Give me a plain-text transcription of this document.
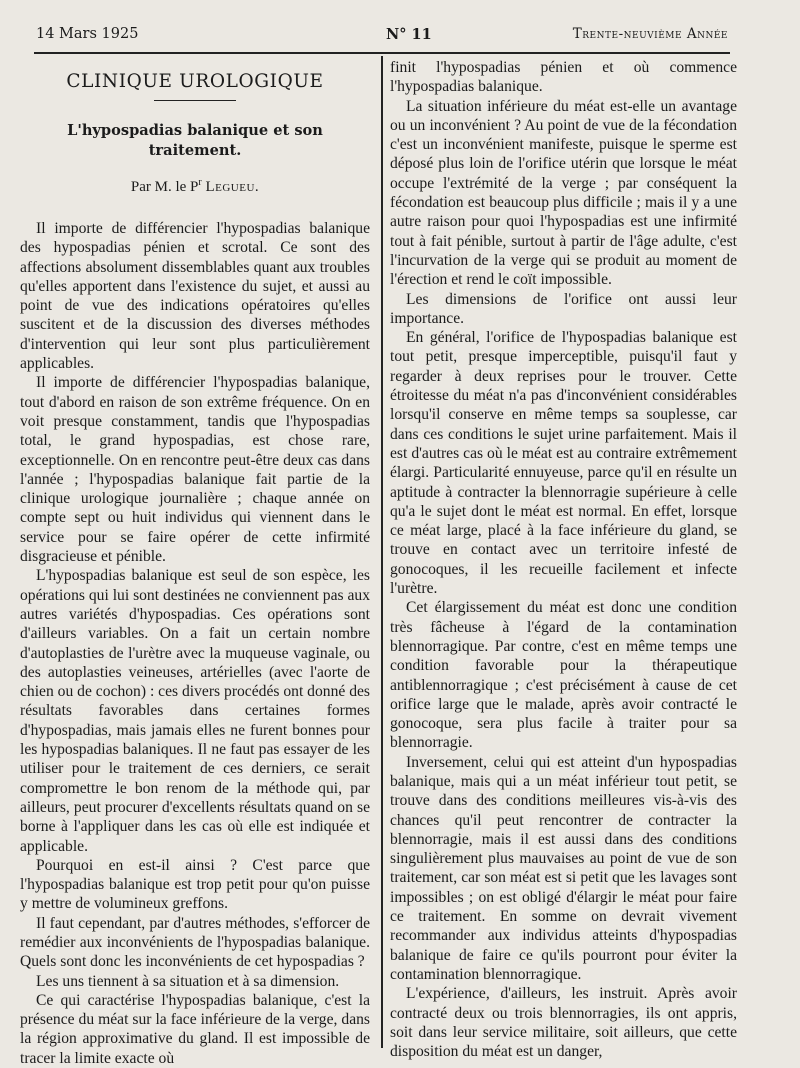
14 Mars 1925	N° 11	Trente-neuvième Année
CLINIQUE UROLOGIQUE
L'hypospadias balanique et son traitement.
Par M. le $P^r$ Legueu.

Il importe de différencier l'hypospadias balanique des hypospadias pénien et scrotal. Ce sont des affections absolument dissemblables quant aux troubles qu'elles apportent dans l'existence du sujet, et aussi au point de vue des indications opératoires qu'elles suscitent et de la discussion des diverses méthodes d'intervention qui leur sont plus particulièrement applicables.

Il importe de différencier l'hypospadias balanique, tout d'abord en raison de son extrême fréquence. On en voit presque constamment, tandis que l'hypospadias total, le grand hypospadias, est chose rare, exceptionnelle. On en rencontre peut-être deux cas dans l'année ; l'hypospadias balanique fait partie de la clinique urologique journalière ; chaque année on compte sept ou huit individus qui viennent dans le service pour se faire opérer de cette infirmité disgracieuse et pénible.

L'hypospadias balanique est seul de son espèce, les opérations qui lui sont destinées ne conviennent pas aux autres variétés d'hypospadias. Ces opérations sont d'ailleurs variables. On a fait un certain nombre d'autoplasties de l'urètre avec la muqueuse vaginale, ou des autoplasties veineuses, artérielles (avec l'aorte de chien ou de cochon) : ces divers procédés ont donné des résultats favorables dans certaines formes d'hypospadias, mais jamais elles ne furent bonnes pour les hypospadias balaniques. Il ne faut pas essayer de les utiliser pour le traitement de ces derniers, ce serait compromettre le bon renom de la méthode qui, par ailleurs, peut procurer d'excellents résultats quand on se borne à l'appliquer dans les cas où elle est indiquée et applicable.

Pourquoi en est-il ainsi ? C'est parce que l'hypospadias balanique est trop petit pour qu'on puisse y mettre de volumineux greffons.

Il faut cependant, par d'autres méthodes, s'efforcer de remédier aux inconvénients de l'hypospadias balanique. Quels sont donc les inconvénients de cet hypospadias ?

Les uns tiennent à sa situation et à sa dimension.

Ce qui caractérise l'hypospadias balanique, c'est la présence du méat sur la face inférieure de la verge, dans la région approximative du gland. Il est impossible de tracer la limite exacte où

finit l'hypospadias pénien et où commence l'hypospadias balanique.

La situation inférieure du méat est-elle un avantage ou un inconvénient ? Au point de vue de la fécondation c'est un inconvénient manifeste, puisque le sperme est déposé plus loin de l'orifice utérin que lorsque le méat occupe l'extrémité de la verge ; par conséquent la fécondation est beaucoup plus difficile ; mais il y a une autre raison pour quoi l'hypospadias est une infirmité tout à fait pénible, surtout à partir de l'âge adulte, c'est l'incurvation de la verge qui se produit au moment de l'érection et rend le coït impossible.

Les dimensions de l'orifice ont aussi leur importance.

En général, l'orifice de l'hypospadias balanique est tout petit, presque imperceptible, puisqu'il faut y regarder à deux reprises pour le trouver. Cette étroitesse du méat n'a pas d'inconvénient considérables lorsqu'il conserve en même temps sa souplesse, car dans ces conditions le sujet urine parfaitement. Mais il est d'autres cas où le méat est au contraire extrêmement élargi. Particularité ennuyeuse, parce qu'il en résulte un aptitude à contracter la blennorragie supérieure à celle qu'a le sujet dont le méat est normal. En effet, lorsque ce méat large, placé à la face inférieure du gland, se trouve en contact avec un territoire infesté de gonocoques, il les recueille facilement et infecte l'urètre.

Cet élargissement du méat est donc une condition très fâcheuse à l'égard de la contamination blennorragique. Par contre, c'est en même temps une condition favorable pour la thérapeutique antiblennorragique ; c'est précisément à cause de cet orifice large que le malade, après avoir contracté le gonocoque, sera plus facile à traiter pour sa blennorragie.

Inversement, celui qui est atteint d'un hypospadias balanique, mais qui a un méat inférieur tout petit, se trouve dans des conditions meilleures vis-à-vis des chances qu'il peut rencontrer de contracter la blennorragie, mais il est aussi dans des conditions singulièrement plus mauvaises au point de vue de son traitement, car son méat est si petit que les lavages sont impossibles ; on est obligé d'élargir le méat pour faire ce traitement. En somme on devrait vivement recommander aux individus atteints d'hypospadias balanique de faire ce qu'ils pourront pour éviter la contamination blennorragique.

L'expérience, d'ailleurs, les instruit. Après avoir contracté deux ou trois blennorragies, ils ont appris, soit dans leur service militaire, soit ailleurs, que cette disposition du méat est un danger,
